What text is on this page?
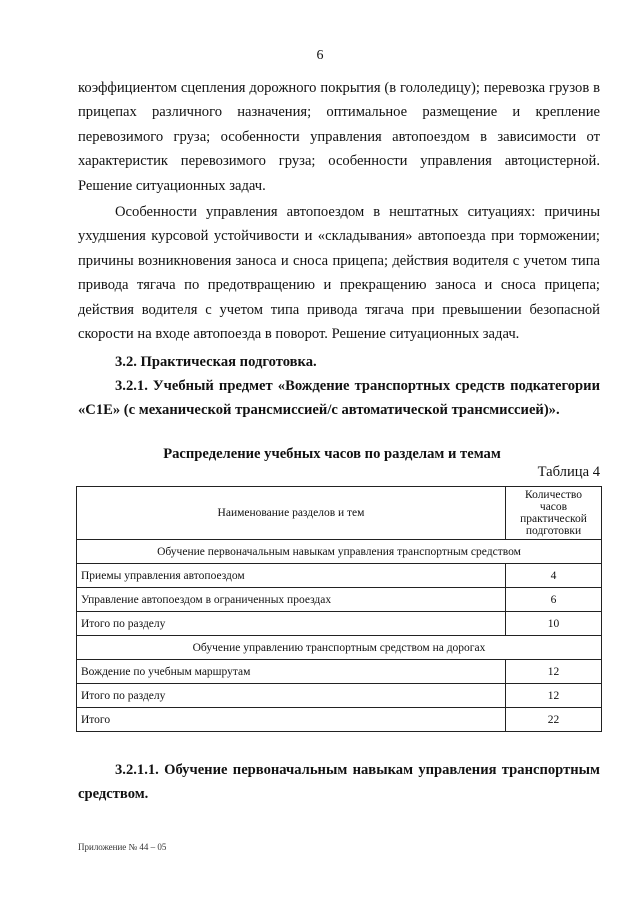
6

коэффициентом сцепления дорожного покрытия (в гололедицу); перевозка грузов в прицепах различного назначения; оптимальное размещение и крепление перевозимого груза; особенности управления автопоездом в зависимости от характеристик перевозимого груза; особенности управления автоцистерной. Решение ситуационных задач.

Особенности управления автопоездом в нештатных ситуациях: причины ухудшения курсовой устойчивости и «складывания» автопоезда при торможении; причины возникновения заноса и сноса прицепа; действия водителя с учетом типа привода тягача по предотвращению и прекращению заноса и сноса прицепа; действия водителя с учетом типа привода тягача при превышении безопасной скорости на входе автопоезда в поворот. Решение ситуационных задач.

3.2. Практическая подготовка.

3.2.1. Учебный предмет «Вождение транспортных средств подкатегории «C1E» (с механической трансмиссией/с автоматической трансмиссией)».

Распределение учебных часов по разделам и темам
Таблица 4
Наименование разделов и тем	Количество часов практической подготовки
Обучение первоначальным навыкам управления транспортным средством	
Приемы управления автопоездом	4
Управление автопоездом в ограниченных проездах	6
Итого по разделу	10
Обучение управлению транспортным средством на дорогах	
Вождение по учебным маршрутам	12
Итого по разделу	12
Итого	22

3.2.1.1. Обучение первоначальным навыкам управления транспортным средством.

Приложение № 44 – 05
